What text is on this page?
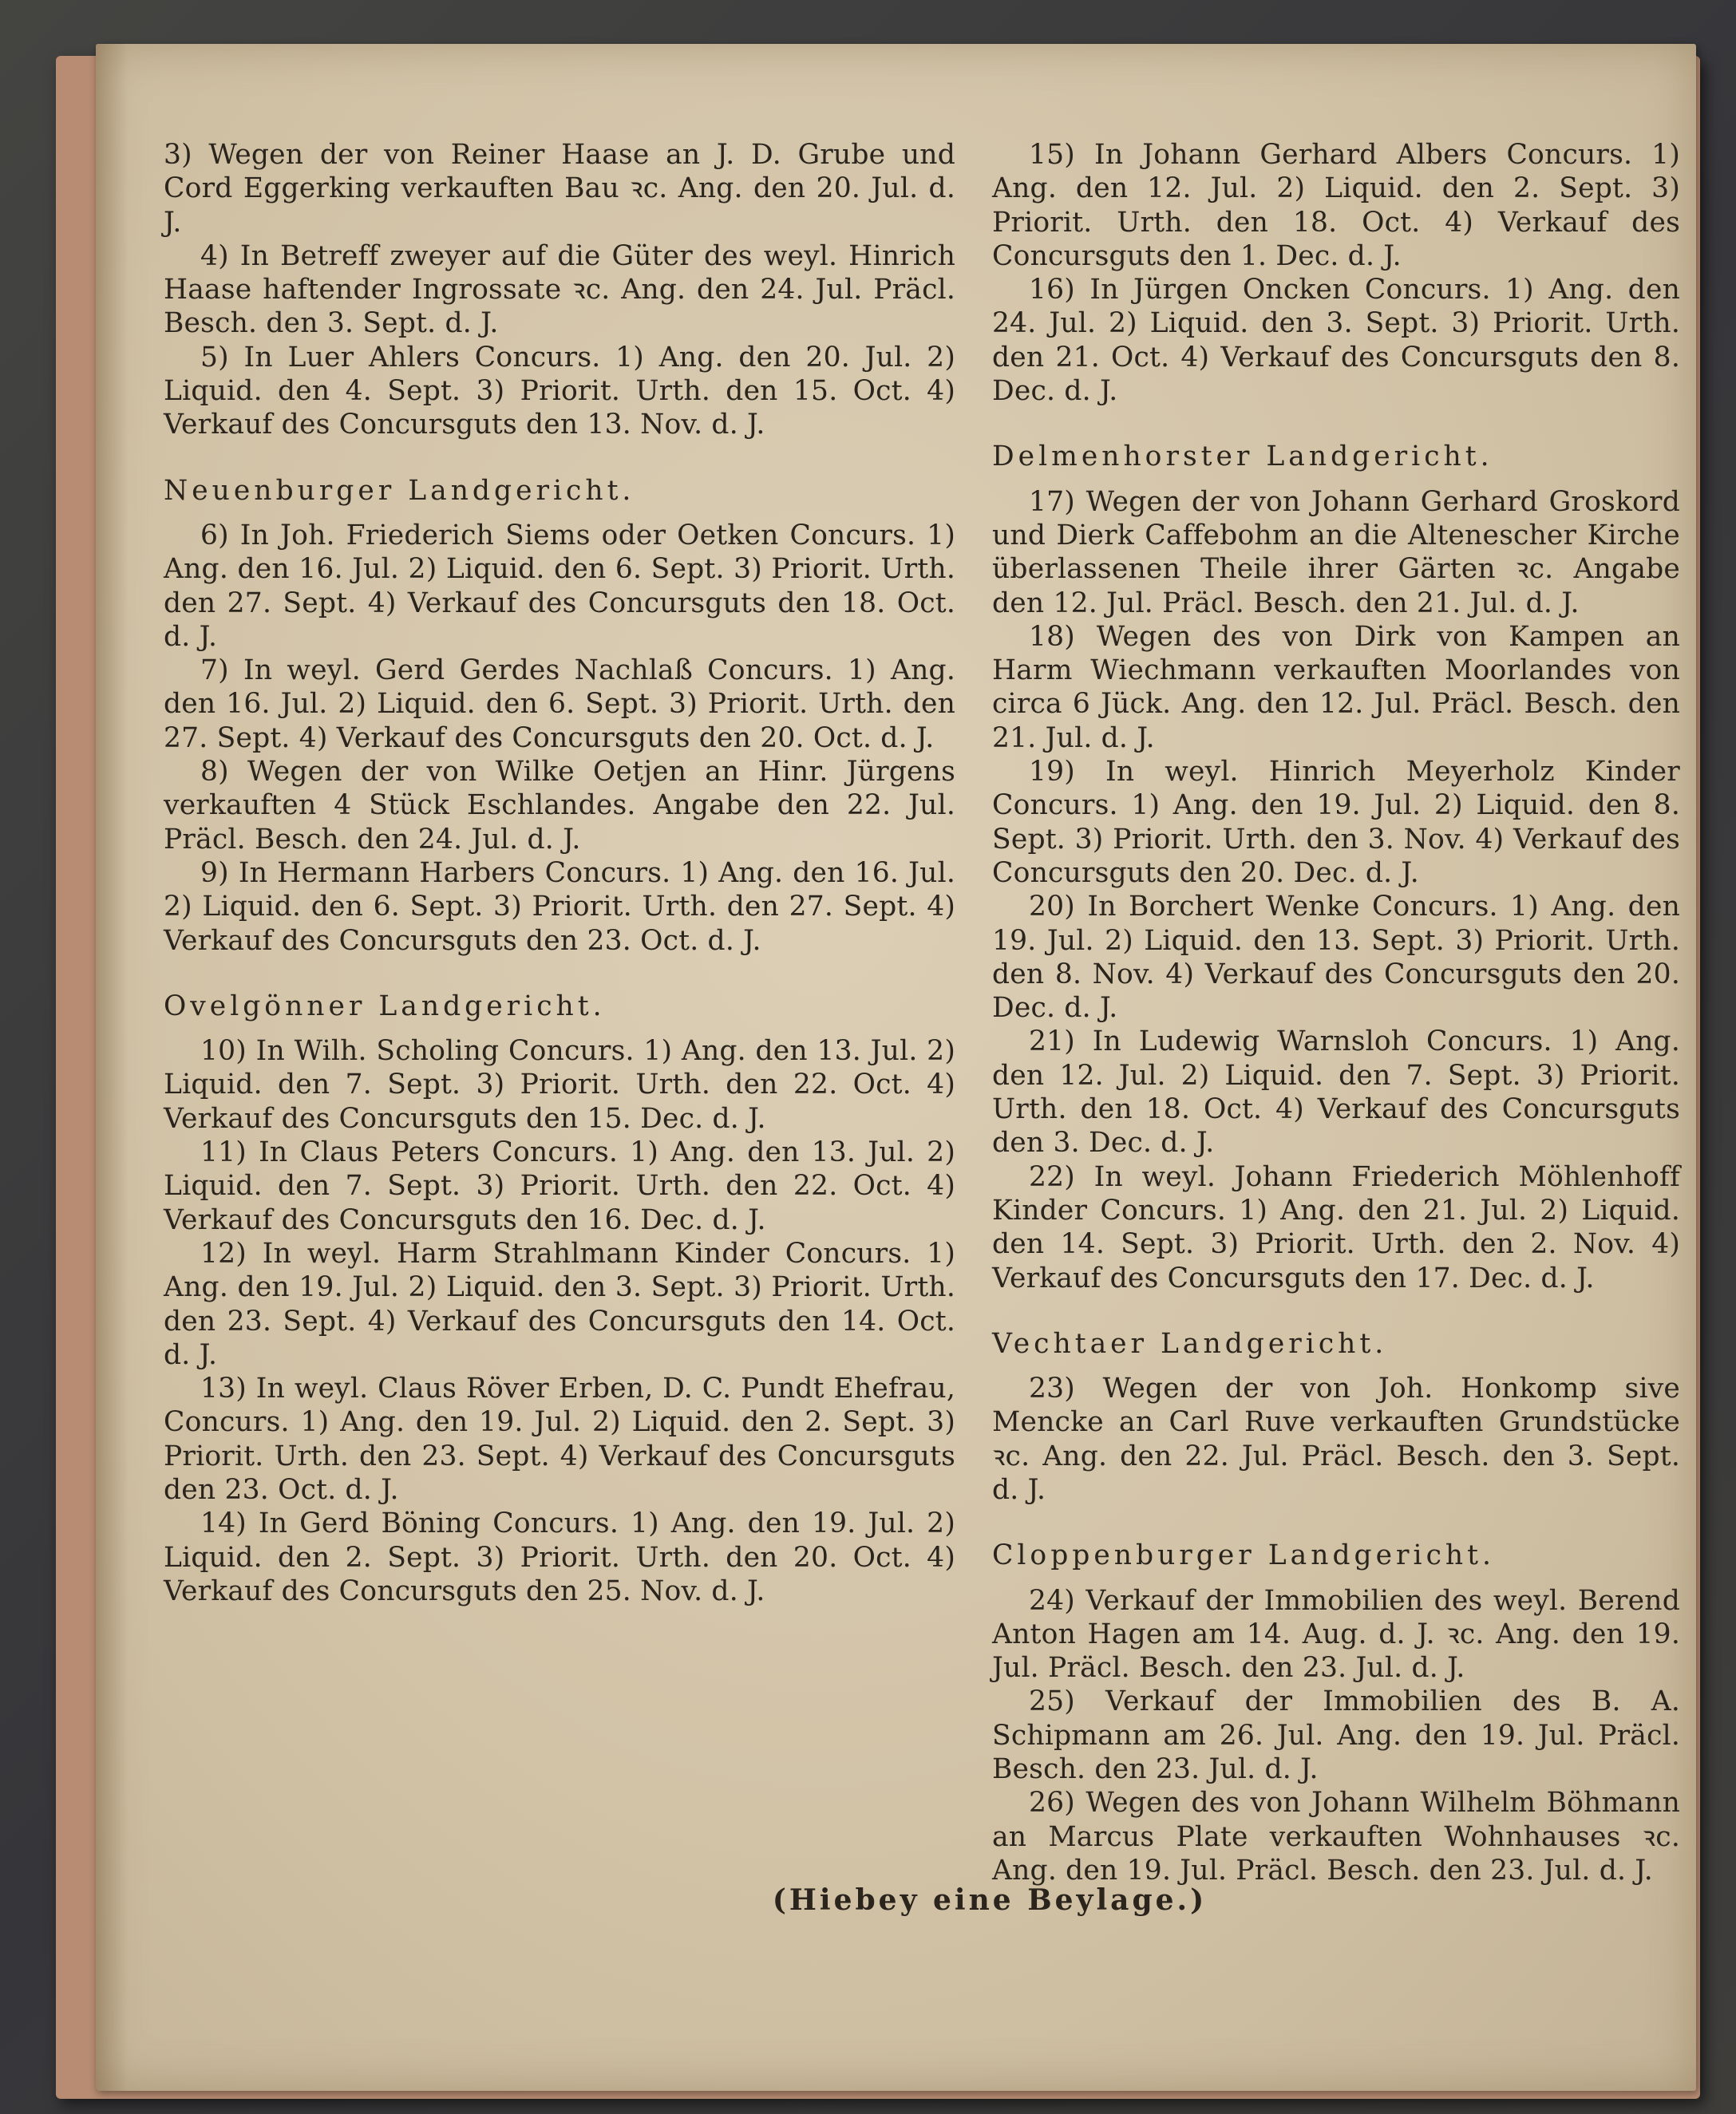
3) Wegen der von Reiner Haase an J. D. Grube und Cord Eggerking verkauften Bau ꝛc. Ang. den 20. Jul. d. J.

4) In Betreff zweyer auf die Güter des weyl. Hinrich Haase haftender Ingrossate ꝛc. Ang. den 24. Jul. Präcl. Besch. den 3. Sept. d. J.

5) In Luer Ahlers Concurs. 1) Ang. den 20. Jul. 2) Liquid. den 4. Sept. 3) Priorit. Urth. den 15. Oct. 4) Verkauf des Concursguts den 13. Nov. d. J.

Neuenburger Landgericht.

6) In Joh. Friederich Siems oder Oetken Concurs. 1) Ang. den 16. Jul. 2) Liquid. den 6. Sept. 3) Priorit. Urth. den 27. Sept. 4) Verkauf des Concursguts den 18. Oct. d. J.

7) In weyl. Gerd Gerdes Nachlaß Concurs. 1) Ang. den 16. Jul. 2) Liquid. den 6. Sept. 3) Priorit. Urth. den 27. Sept. 4) Verkauf des Concursguts den 20. Oct. d. J.

8) Wegen der von Wilke Oetjen an Hinr. Jürgens verkauften 4 Stück Eschlandes. Angabe den 22. Jul. Präcl. Besch. den 24. Jul. d. J.

9) In Hermann Harbers Concurs. 1) Ang. den 16. Jul. 2) Liquid. den 6. Sept. 3) Priorit. Urth. den 27. Sept. 4) Verkauf des Concursguts den 23. Oct. d. J.

Ovelgönner Landgericht.

10) In Wilh. Scholing Concurs. 1) Ang. den 13. Jul. 2) Liquid. den 7. Sept. 3) Priorit. Urth. den 22. Oct. 4) Verkauf des Concursguts den 15. Dec. d. J.

11) In Claus Peters Concurs. 1) Ang. den 13. Jul. 2) Liquid. den 7. Sept. 3) Priorit. Urth. den 22. Oct. 4) Verkauf des Concursguts den 16. Dec. d. J.

12) In weyl. Harm Strahlmann Kinder Concurs. 1) Ang. den 19. Jul. 2) Liquid. den 3. Sept. 3) Priorit. Urth. den 23. Sept. 4) Verkauf des Concursguts den 14. Oct. d. J.

13) In weyl. Claus Röver Erben, D. C. Pundt Ehefrau, Concurs. 1) Ang. den 19. Jul. 2) Liquid. den 2. Sept. 3) Priorit. Urth. den 23. Sept. 4) Verkauf des Concursguts den 23. Oct. d. J.

14) In Gerd Böning Concurs. 1) Ang. den 19. Jul. 2) Liquid. den 2. Sept. 3) Priorit. Urth. den 20. Oct. 4) Verkauf des Concursguts den 25. Nov. d. J.

15) In Johann Gerhard Albers Concurs. 1) Ang. den 12. Jul. 2) Liquid. den 2. Sept. 3) Priorit. Urth. den 18. Oct. 4) Verkauf des Concursguts den 1. Dec. d. J.

16) In Jürgen Oncken Concurs. 1) Ang. den 24. Jul. 2) Liquid. den 3. Sept. 3) Priorit. Urth. den 21. Oct. 4) Verkauf des Concursguts den 8. Dec. d. J.

Delmenhorster Landgericht.

17) Wegen der von Johann Gerhard Groskord und Dierk Caffebohm an die Altenescher Kirche überlassenen Theile ihrer Gärten ꝛc. Angabe den 12. Jul. Präcl. Besch. den 21. Jul. d. J.

18) Wegen des von Dirk von Kampen an Harm Wiechmann verkauften Moorlandes von circa 6 Jück. Ang. den 12. Jul. Präcl. Besch. den 21. Jul. d. J.

19) In weyl. Hinrich Meyerholz Kinder Concurs. 1) Ang. den 19. Jul. 2) Liquid. den 8. Sept. 3) Priorit. Urth. den 3. Nov. 4) Verkauf des Concursguts den 20. Dec. d. J.

20) In Borchert Wenke Concurs. 1) Ang. den 19. Jul. 2) Liquid. den 13. Sept. 3) Priorit. Urth. den 8. Nov. 4) Verkauf des Concursguts den 20. Dec. d. J.

21) In Ludewig Warnsloh Concurs. 1) Ang. den 12. Jul. 2) Liquid. den 7. Sept. 3) Priorit. Urth. den 18. Oct. 4) Verkauf des Concursguts den 3. Dec. d. J.

22) In weyl. Johann Friederich Möhlenhoff Kinder Concurs. 1) Ang. den 21. Jul. 2) Liquid. den 14. Sept. 3) Priorit. Urth. den 2. Nov. 4) Verkauf des Concursguts den 17. Dec. d. J.

Vechtaer Landgericht.

23) Wegen der von Joh. Honkomp sive Mencke an Carl Ruve verkauften Grundstücke ꝛc. Ang. den 22. Jul. Präcl. Besch. den 3. Sept. d. J.

Cloppenburger Landgericht.

24) Verkauf der Immobilien des weyl. Berend Anton Hagen am 14. Aug. d. J. ꝛc. Ang. den 19. Jul. Präcl. Besch. den 23. Jul. d. J.

25) Verkauf der Immobilien des B. A. Schipmann am 26. Jul. Ang. den 19. Jul. Präcl. Besch. den 23. Jul. d. J.

26) Wegen des von Johann Wilhelm Böhmann an Marcus Plate verkauften Wohnhauses ꝛc. Ang. den 19. Jul. Präcl. Besch. den 23. Jul. d. J.

(Hiebey eine Beylage.)
